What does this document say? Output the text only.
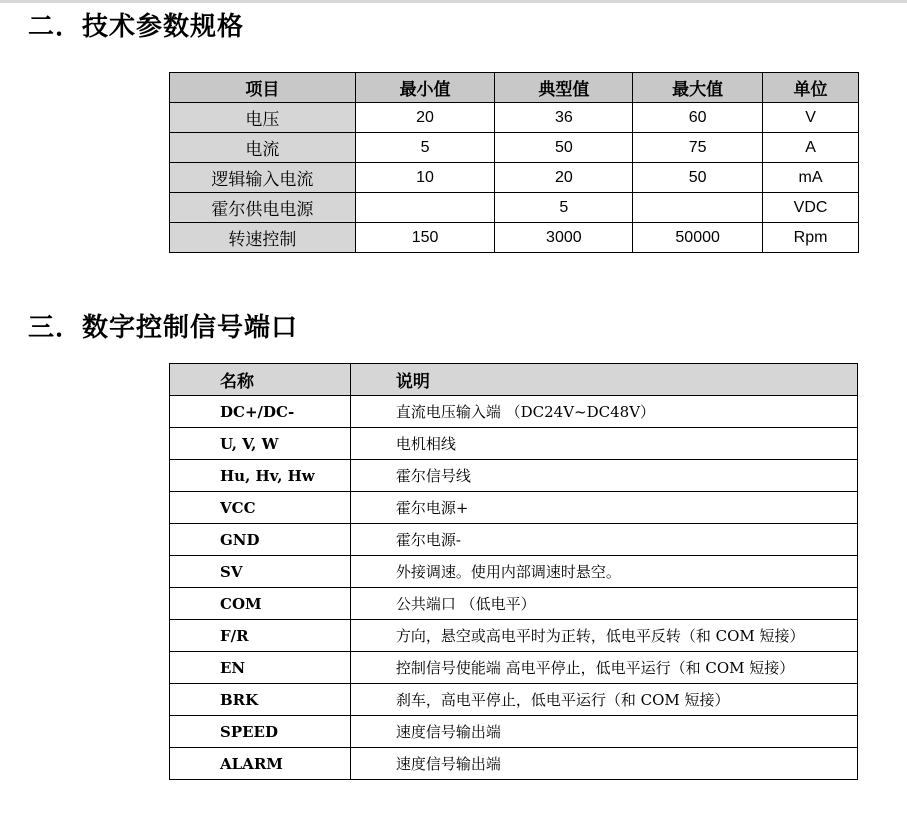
二．技术参数规格
项目	最小值	典型值	最大值	单位
电压	20	36	60	V
电流	5	50	75	A
逻辑输入电流	10	20	50	mA
霍尔供电电源		5		VDC
转速控制	150	3000	50000	Rpm
三．数字控制信号端口
名称	说明
DC+/DC-	直流电压输入端 （DC24V~DC48V）
U, V, W	电机相线
Hu, Hv, Hw	霍尔信号线
VCC	霍尔电源+
GND	霍尔电源-
SV	外接调速。使用内部调速时悬空。
COM	公共端口 （低电平）
F/R	方向，悬空或高电平时为正转，低电平反转（和 COM 短接）
EN	控制信号使能端 高电平停止，低电平运行（和 COM 短接）
BRK	刹车，高电平停止，低电平运行（和 COM 短接）
SPEED	速度信号输出端
ALARM	速度信号输出端
